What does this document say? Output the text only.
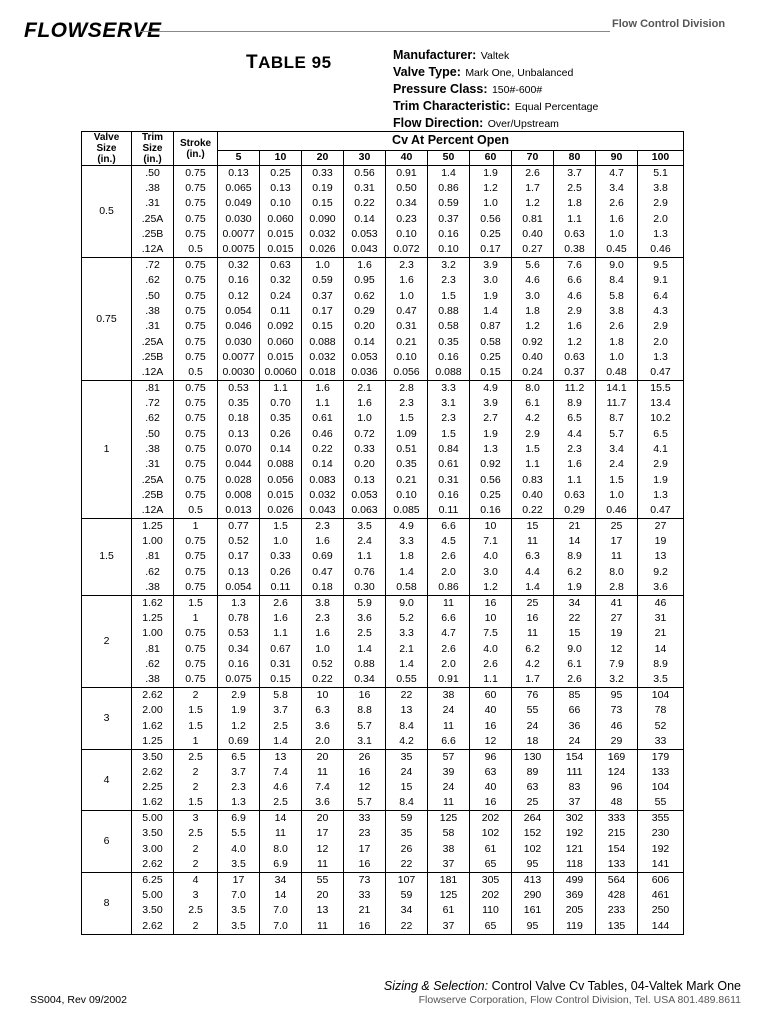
FLOWSERVE	Flow Control Division
TABLE 95	Manufacturer: Valtek
Valve Type: Mark One, Unbalanced
Pressure Class: 150#-600#
Trim Characteristic: Equal Percentage
Flow Direction: Over/Upstream
Valve
Size
(in.)	Trim
Size
(in.)	Stroke
(in.)	Cv At Percent Open										
			5	10	20	30	40	50	60	70	80	90	100
0.5	.50	0.75	0.13	0.25	0.33	0.56	0.91	1.4	1.9	2.6	3.7	4.7	5.1
	.38	0.75	0.065	0.13	0.19	0.31	0.50	0.86	1.2	1.7	2.5	3.4	3.8
	.31	0.75	0.049	0.10	0.15	0.22	0.34	0.59	1.0	1.2	1.8	2.6	2.9
	.25A	0.75	0.030	0.060	0.090	0.14	0.23	0.37	0.56	0.81	1.1	1.6	2.0
	.25B	0.75	0.0077	0.015	0.032	0.053	0.10	0.16	0.25	0.40	0.63	1.0	1.3
	.12A	0.5	0.0075	0.015	0.026	0.043	0.072	0.10	0.17	0.27	0.38	0.45	0.46
0.75	.72	0.75	0.32	0.63	1.0	1.6	2.3	3.2	3.9	5.6	7.6	9.0	9.5
	.62	0.75	0.16	0.32	0.59	0.95	1.6	2.3	3.0	4.6	6.6	8.4	9.1
	.50	0.75	0.12	0.24	0.37	0.62	1.0	1.5	1.9	3.0	4.6	5.8	6.4
	.38	0.75	0.054	0.11	0.17	0.29	0.47	0.88	1.4	1.8	2.9	3.8	4.3
	.31	0.75	0.046	0.092	0.15	0.20	0.31	0.58	0.87	1.2	1.6	2.6	2.9
	.25A	0.75	0.030	0.060	0.088	0.14	0.21	0.35	0.58	0.92	1.2	1.8	2.0
	.25B	0.75	0.0077	0.015	0.032	0.053	0.10	0.16	0.25	0.40	0.63	1.0	1.3
	.12A	0.5	0.0030	0.0060	0.018	0.036	0.056	0.088	0.15	0.24	0.37	0.48	0.47
1	.81	0.75	0.53	1.1	1.6	2.1	2.8	3.3	4.9	8.0	11.2	14.1	15.5
	.72	0.75	0.35	0.70	1.1	1.6	2.3	3.1	3.9	6.1	8.9	11.7	13.4
	.62	0.75	0.18	0.35	0.61	1.0	1.5	2.3	2.7	4.2	6.5	8.7	10.2
	.50	0.75	0.13	0.26	0.46	0.72	1.09	1.5	1.9	2.9	4.4	5.7	6.5
	.38	0.75	0.070	0.14	0.22	0.33	0.51	0.84	1.3	1.5	2.3	3.4	4.1
	.31	0.75	0.044	0.088	0.14	0.20	0.35	0.61	0.92	1.1	1.6	2.4	2.9
	.25A	0.75	0.028	0.056	0.083	0.13	0.21	0.31	0.56	0.83	1.1	1.5	1.9
	.25B	0.75	0.008	0.015	0.032	0.053	0.10	0.16	0.25	0.40	0.63	1.0	1.3
	.12A	0.5	0.013	0.026	0.043	0.063	0.085	0.11	0.16	0.22	0.29	0.46	0.47
1.5	1.25	1	0.77	1.5	2.3	3.5	4.9	6.6	10	15	21	25	27
	1.00	0.75	0.52	1.0	1.6	2.4	3.3	4.5	7.1	11	14	17	19
	.81	0.75	0.17	0.33	0.69	1.1	1.8	2.6	4.0	6.3	8.9	11	13
	.62	0.75	0.13	0.26	0.47	0.76	1.4	2.0	3.0	4.4	6.2	8.0	9.2
	.38	0.75	0.054	0.11	0.18	0.30	0.58	0.86	1.2	1.4	1.9	2.8	3.6
2	1.62	1.5	1.3	2.6	3.8	5.9	9.0	11	16	25	34	41	46
	1.25	1	0.78	1.6	2.3	3.6	5.2	6.6	10	16	22	27	31
	1.00	0.75	0.53	1.1	1.6	2.5	3.3	4.7	7.5	11	15	19	21
	.81	0.75	0.34	0.67	1.0	1.4	2.1	2.6	4.0	6.2	9.0	12	14
	.62	0.75	0.16	0.31	0.52	0.88	1.4	2.0	2.6	4.2	6.1	7.9	8.9
	.38	0.75	0.075	0.15	0.22	0.34	0.55	0.91	1.1	1.7	2.6	3.2	3.5
3	2.62	2	2.9	5.8	10	16	22	38	60	76	85	95	104
	2.00	1.5	1.9	3.7	6.3	8.8	13	24	40	55	66	73	78
	1.62	1.5	1.2	2.5	3.6	5.7	8.4	11	16	24	36	46	52
	1.25	1	0.69	1.4	2.0	3.1	4.2	6.6	12	18	24	29	33
4	3.50	2.5	6.5	13	20	26	35	57	96	130	154	169	179
	2.62	2	3.7	7.4	11	16	24	39	63	89	111	124	133
	2.25	2	2.3	4.6	7.4	12	15	24	40	63	83	96	104
	1.62	1.5	1.3	2.5	3.6	5.7	8.4	11	16	25	37	48	55
6	5.00	3	6.9	14	20	33	59	125	202	264	302	333	355
	3.50	2.5	5.5	11	17	23	35	58	102	152	192	215	230
	3.00	2	4.0	8.0	12	17	26	38	61	102	121	154	192
	2.62	2	3.5	6.9	11	16	22	37	65	95	118	133	141
8	6.25	4	17	34	55	73	107	181	305	413	499	564	606
	5.00	3	7.0	14	20	33	59	125	202	290	369	428	461
	3.50	2.5	3.5	7.0	13	21	34	61	110	161	205	233	250
	2.62	2	3.5	7.0	11	16	22	37	65	95	119	135	144
Sizing & Selection: Control Valve Cv Tables, 04-Valtek Mark One
Flowserve Corporation, Flow Control Division, Tel. USA 801.489.8611
SS004, Rev 09/2002
